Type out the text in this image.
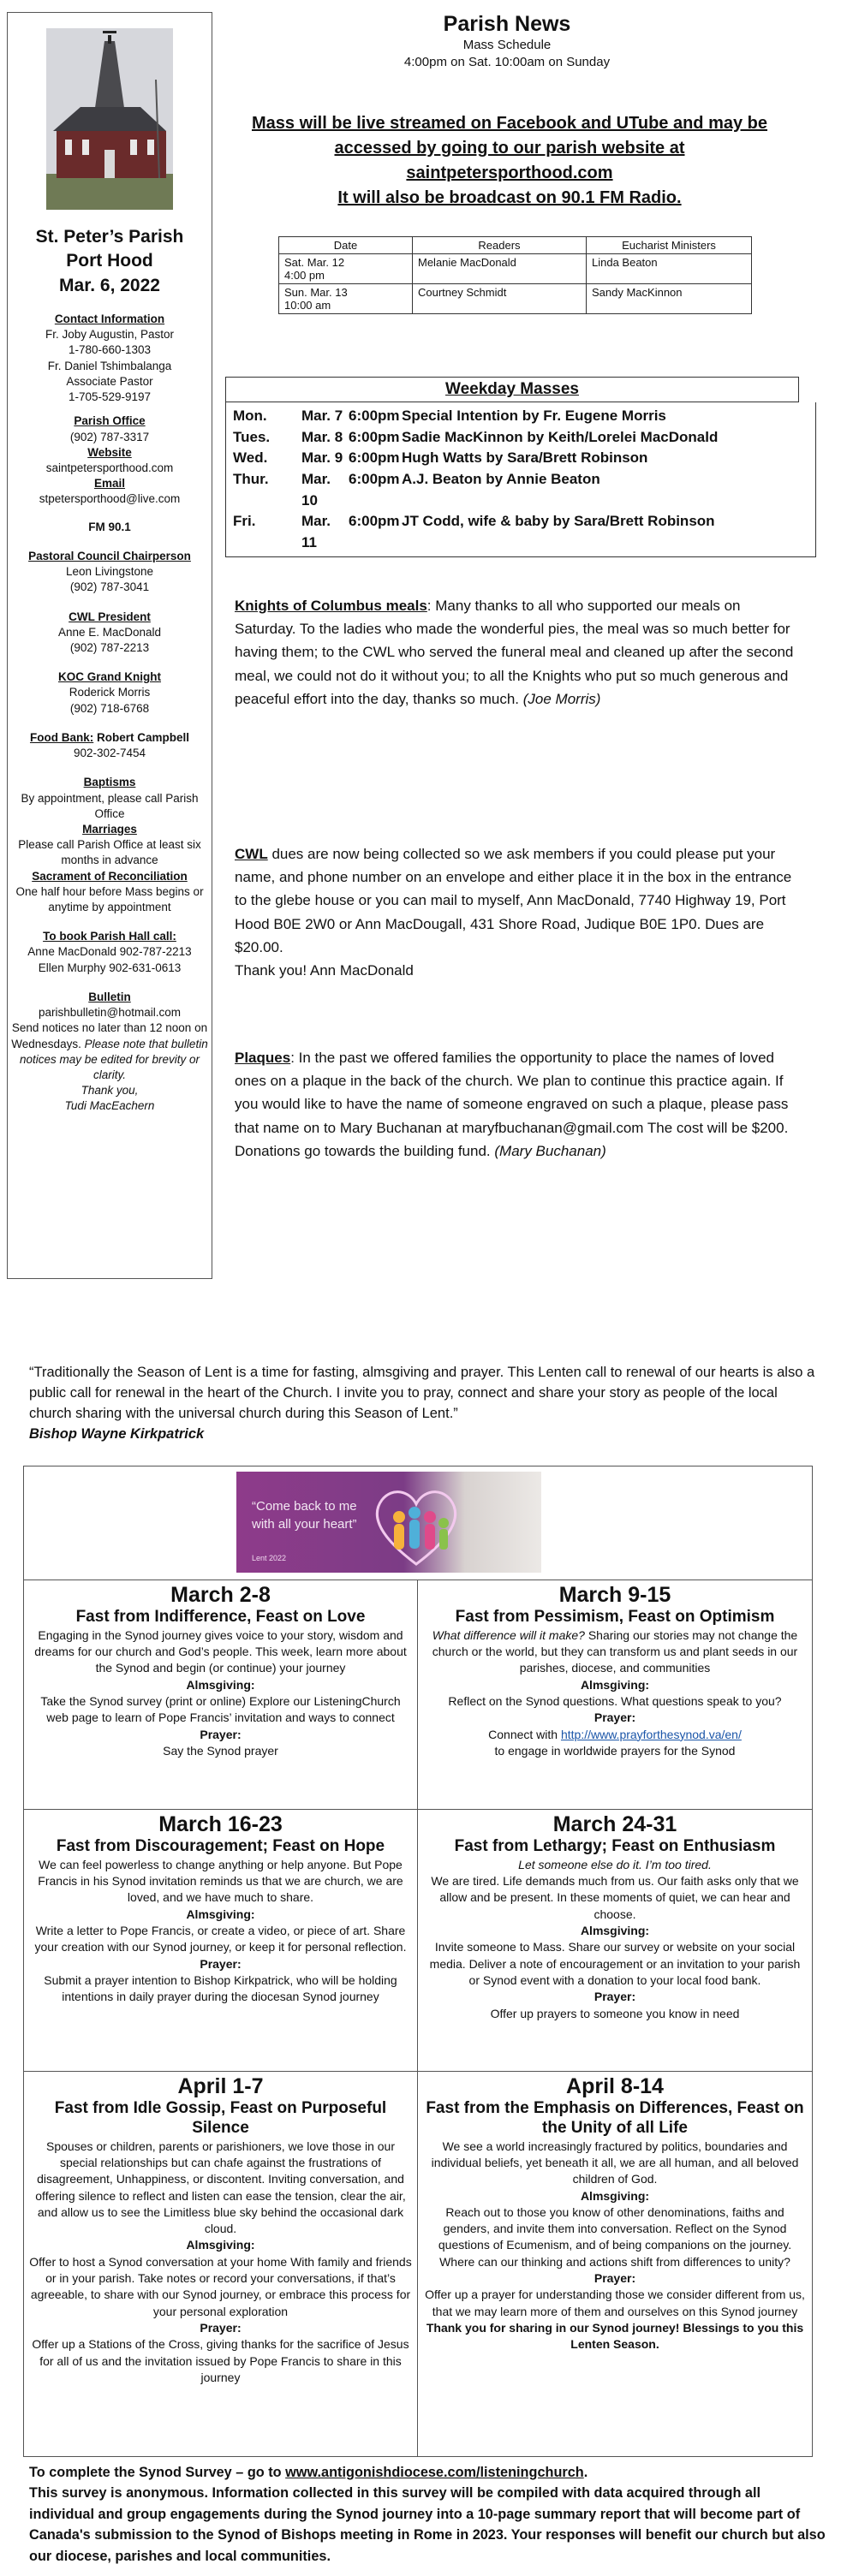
St. Peter’s Parish
Port Hood
Mar. 6, 2022
Contact Information
Fr. Joby Augustin, Pastor
1-780-660-1303
Fr. Daniel Tshimbalanga
Associate Pastor
1-705-529-9197
Parish Office
(902) 787-3317
Website
saintpetersporthood.com
Email
stpetersporthood@live.com
FM 90.1
Pastoral Council Chairperson
Leon Livingstone
(902) 787-3041
CWL President
Anne E. MacDonald
(902) 787-2213
KOC Grand Knight
Roderick Morris
(902) 718-6768
Food Bank: Robert Campbell
902-302-7454
Baptisms
By appointment, please call Parish Office
Marriages
Please call Parish Office at least six months in advance
Sacrament of Reconciliation
One half hour before Mass begins or anytime by appointment
To book Parish Hall call:
Anne MacDonald 902-787-2213
Ellen Murphy 902-631-0613
Bulletin
parishbulletin@hotmail.com
Send notices no later than 12 noon on Wednesdays. Please note that bulletin notices may be edited for brevity or clarity.
Thank you,
Tudi MacEachern
Parish News
Mass Schedule
4:00pm on Sat. 10:00am on Sunday
Mass will be live streamed on Facebook and UTube and may be
accessed by going to our parish website at
saintpetersporthood.com
It will also be broadcast on 90.1 FM Radio.
Date	Readers	Eucharist Ministers

Sat. Mar. 12
4:00 pm	Melanie MacDonald	Linda Beaton

Sun. Mar. 13
10:00 am	Courtney Schmidt	Sandy MacKinnon
Weekday Masses
Mon.	Mar. 7 6:00pm Special Intention by Fr. Eugene Morris
Tues.	Mar. 8 6:00pm Sadie MacKinnon by Keith/Lorelei MacDonald
Wed.	Mar. 9 6:00pm Hugh Watts by Sara/Brett Robinson
Thur.	Mar. 10
6:00pm A.J. Beaton by Annie Beaton
Fri.	Mar. 11
6:00pm JT Codd, wife & baby by Sara/Brett Robinson
Knights of Columbus meals: Many thanks to all who supported our meals on Saturday. To the ladies who made the wonderful pies, the meal was so much better for having them; to the CWL who served the funeral meal and cleaned up after the second meal, we could not do it without you; to all the Knights who put so much generous and peaceful effort into the day, thanks so much. (Joe Morris)
CWL dues are now being collected so we ask members if you could please put your name, and phone number on an envelope and either place it in the box in the entrance to the glebe house or you can mail to myself, Ann MacDonald, 7740 Highway 19, Port Hood B0E 2W0 or Ann MacDougall, 431 Shore Road, Judique B0E 1P0. Dues are $20.00.
Thank you! Ann MacDonald
Plaques: In the past we offered families the opportunity to place the names of loved ones on a plaque in the back of the church. We plan to continue this practice again. If you would like to have the name of someone engraved on such a plaque, please pass that name on to Mary Buchanan at maryfbuchanan@gmail.com The cost will be $200. Donations go towards the building fund. (Mary Buchanan)
“Traditionally the Season of Lent is a time for fasting, almsgiving and prayer. This Lenten call to renewal of our hearts is also a public call for renewal in the heart of the Church. I invite you to pray, connect and share your story as people of the local church sharing with the universal church during this Season of Lent.”
Bishop Wayne Kirkpatrick
“Come back to me
with all your heart”
Lent 2022
March 2-8
Fast from Indifference, Feast on Love
Engaging in the Synod journey gives voice to your story, wisdom and dreams for our church and God’s people. This week, learn more about the Synod and begin (or continue) your journey
Almsgiving:
Take the Synod survey (print or online) Explore our ListeningChurch web page to learn of Pope Francis’ invitation and ways to connect
Prayer:
Say the Synod prayer
March 9-15
Fast from Pessimism, Feast on Optimism
What difference will it make? Sharing our stories may not change the church or the world, but they can transform us and plant seeds in our parishes, diocese, and communities
Almsgiving:
Reflect on the Synod questions. What questions speak to you?
Prayer:
Connect with http://www.prayforthesynod.va/en/
to engage in worldwide prayers for the Synod
March 16-23
Fast from Discouragement; Feast on Hope
We can feel powerless to change anything or help anyone. But Pope Francis in his Synod invitation reminds us that we are church, we are loved, and we have much to share.
Almsgiving:
Write a letter to Pope Francis, or create a video, or piece of art. Share your creation with our Synod journey, or keep it for personal reflection.
Prayer:
Submit a prayer intention to Bishop Kirkpatrick, who will be holding intentions in daily prayer during the diocesan Synod journey
March 24-31
Fast from Lethargy; Feast on Enthusiasm
Let someone else do it. I’m too tired.
We are tired. Life demands much from us. Our faith asks only that we allow and be present. In these moments of quiet, we can hear and choose.
Almsgiving:
Invite someone to Mass. Share our survey or website on your social media. Deliver a note of encouragement or an invitation to your parish or Synod event with a donation to your local food bank.
Prayer:
Offer up prayers to someone you know in need
April 1-7
Fast from Idle Gossip, Feast on Purposeful Silence
Spouses or children, parents or parishioners, we love those in our special relationships but can chafe against the frustrations of disagreement, Unhappiness, or discontent. Inviting conversation, and offering silence to reflect and listen can ease the tension, clear the air, and allow us to see the Limitless blue sky behind the occasional dark cloud.
Almsgiving:
Offer to host a Synod conversation at your home With family and friends or in your parish. Take notes or record your conversations, if that’s agreeable, to share with our Synod journey, or embrace this process for your personal exploration
Prayer:
Offer up a Stations of the Cross, giving thanks for the sacrifice of Jesus for all of us and the invitation issued by Pope Francis to share in this journey
April 8-14
Fast from the Emphasis on Differences, Feast on the Unity of all Life
We see a world increasingly fractured by politics, boundaries and individual beliefs, yet beneath it all, we are all human, and all beloved children of God.
Almsgiving:
Reach out to those you know of other denominations, faiths and genders, and invite them into conversation. Reflect on the Synod questions of Ecumenism, and of being companions on the journey. Where can our thinking and actions shift from differences to unity?
Prayer:
Offer up a prayer for understanding those we consider different from us, that we may learn more of them and ourselves on this Synod journey
Thank you for sharing in our Synod journey! Blessings to you this Lenten Season.
To complete the Synod Survey – go to www.antigonishdiocese.com/listeningchurch.
This survey is anonymous. Information collected in this survey will be compiled with data acquired through all individual and group engagements during the Synod journey into a 10-page summary report that will become part of Canada's submission to the Synod of Bishops meeting in Rome in 2023. Your responses will benefit our church but also our diocese, parishes and local communities.
